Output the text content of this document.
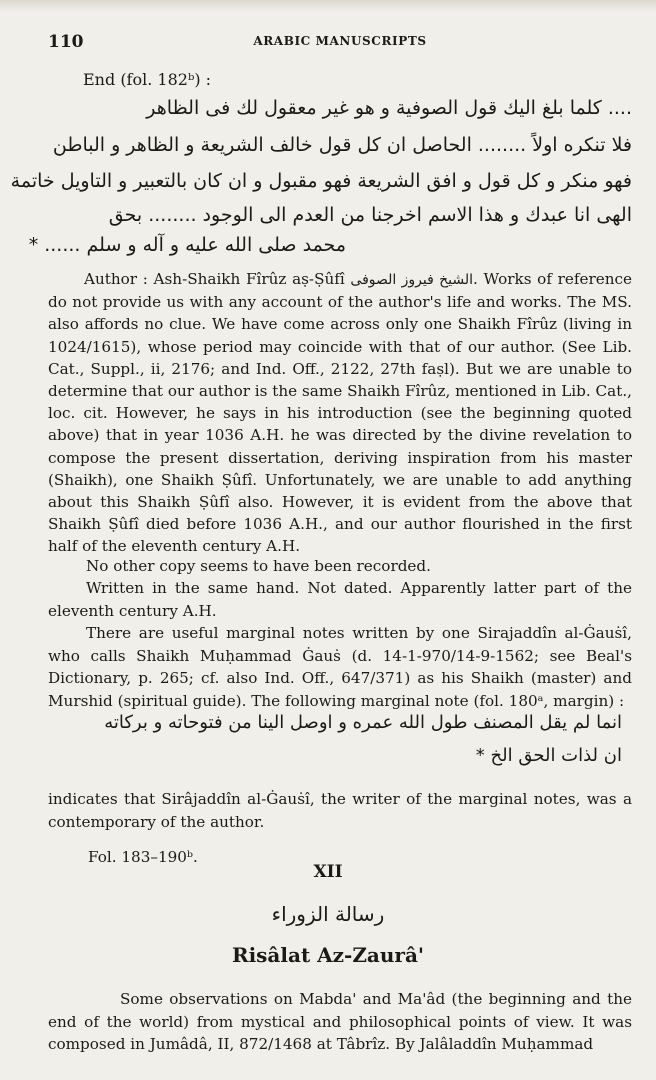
110	ARABIC MANUSCRIPTS
End (fol. 182ᵇ) :
.... كلما بلغ اليك قول الصوفية و هو غير معقول لك فى الظاهر
فلا تنكره اولاً ........ الحاصل ان كل قول خالف الشريعة و الظاهر و الباطن
فهو منكر و كل قول و افق الشريعة فهو مقبول و ان كان بالتعبير و التاويل خاتمة
الهى انا عبدك و هذا الاسم اخرجنا من العدم الى الوجود ........ بحق
محمد صلى الله عليه و آله و سلم ...... *
Author : Ash-Shaikh Fîrûz aṣ-Ṣûfî الشيخ فيروز الصوفى. Works of reference do not provide us with any account of the author's life and works. The MS. also affords no clue. We have come across only one Shaikh Fîrûz (living in 1024/1615), whose period may coincide with that of our author. (See Lib. Cat., Suppl., ii, 2176; and Ind. Off., 2122, 27th faṣl). But we are unable to determine that our author is the same Shaikh Fîrûz, mentioned in Lib. Cat., loc. cit. However, he says in his introduction (see the beginning quoted above) that in year 1036 A.H. he was directed by the divine revelation to compose the present dissertation, deriving inspiration from his master (Shaikh), one Shaikh Ṣûfî. Unfortunately, we are unable to add anything about this Shaikh Ṣûfî also. However, it is evident from the above that Shaikh Ṣûfî died before 1036 A.H., and our author flourished in the first half of the eleventh century A.H.
No other copy seems to have been recorded.
Written in the same hand. Not dated. Apparently latter part of the eleventh century A.H.
There are useful marginal notes written by one Sirajaddîn al-Ġauṡî, who calls Shaikh Muḥammad Ġauṡ (d. 14-1-970/14-9-1562; see Beal's Dictionary, p. 265; cf. also Ind. Off., 647/371) as his Shaikh (master) and Murshid (spiritual guide). The following marginal note (fol. 180ᵃ, margin) :
انما لم يقل المصنف طول الله عمره و اوصل الينا من فتوحاته و بركاته
ان لذات الحق الخ *
indicates that Sirâjaddîn al-Ġauṡî, the writer of the marginal notes, was a contemporary of the author.
Fol. 183–190ᵇ.
XII
رسالة الزوراء
Risâlat Az-Zaurâ'
Some observations on Mabda' and Ma'âd (the beginning and the end of the world) from mystical and philosophical points of view. It was composed in Jumâdâ, II, 872/1468 at Tâbrîz. By Jalâladdîn Muḥammad
